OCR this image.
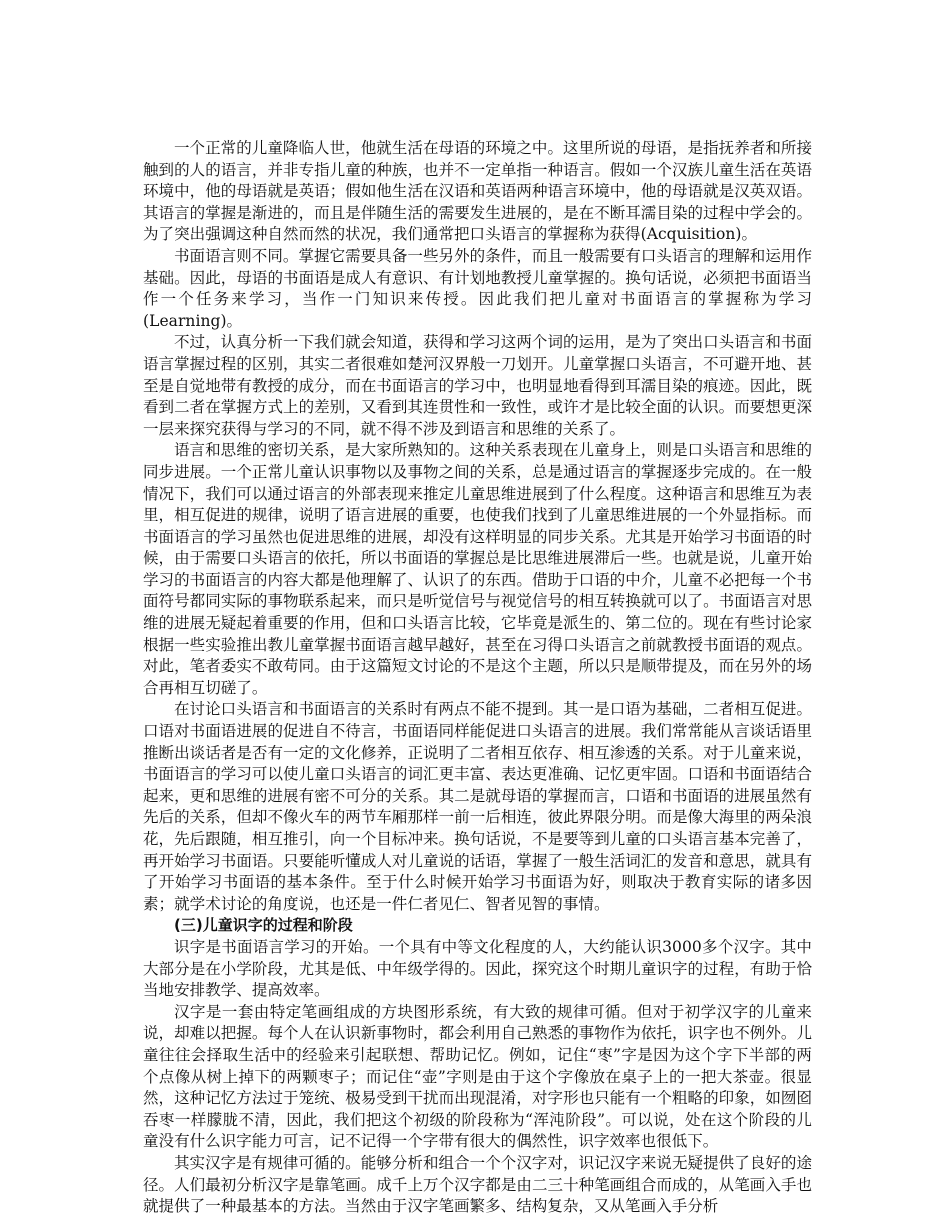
一个正常的儿童降临人世，他就生活在母语的环境之中。这里所说的母语，是指抚养者和所接触到的人的语言，并非专指儿童的种族，也并不一定单指一种语言。假如一个汉族儿童生活在英语环境中，他的母语就是英语；假如他生活在汉语和英语两种语言环境中，他的母语就是汉英双语。其语言的掌握是渐进的，而且是伴随生活的需要发生进展的，是在不断耳濡目染的过程中学会的。为了突出强调这种自然而然的状况，我们通常把口头语言的掌握称为获得(Acquisition)。

书面语言则不同。掌握它需要具备一些另外的条件，而且一般需要有口头语言的理解和运用作基础。因此，母语的书面语是成人有意识、有计划地教授儿童掌握的。换句话说，必须把书面语当作一个任务来学习，当作一门知识来传授。因此我们把儿童对书面语言的掌握称为学习(Learning)。

不过，认真分析一下我们就会知道，获得和学习这两个词的运用，是为了突出口头语言和书面语言掌握过程的区别，其实二者很难如楚河汉界般一刀划开。儿童掌握口头语言，不可避开地、甚至是自觉地带有教授的成分，而在书面语言的学习中，也明显地看得到耳濡目染的痕迹。因此，既看到二者在掌握方式上的差别，又看到其连贯性和一致性，或许才是比较全面的认识。而要想更深一层来探究获得与学习的不同，就不得不涉及到语言和思维的关系了。

语言和思维的密切关系，是大家所熟知的。这种关系表现在儿童身上，则是口头语言和思维的同步进展。一个正常儿童认识事物以及事物之间的关系，总是通过语言的掌握逐步完成的。在一般情况下，我们可以通过语言的外部表现来推定儿童思维进展到了什么程度。这种语言和思维互为表里，相互促进的规律，说明了语言进展的重要，也使我们找到了儿童思维进展的一个外显指标。而书面语言的学习虽然也促进思维的进展，却没有这样明显的同步关系。尤其是开始学习书面语的时候，由于需要口头语言的依托，所以书面语的掌握总是比思维进展滞后一些。也就是说，儿童开始学习的书面语言的内容大都是他理解了、认识了的东西。借助于口语的中介，儿童不必把每一个书面符号都同实际的事物联系起来，而只是听觉信号与视觉信号的相互转换就可以了。书面语言对思维的进展无疑起着重要的作用，但和口头语言比较，它毕竟是派生的、第二位的。现在有些讨论家根据一些实验推出教儿童掌握书面语言越早越好，甚至在习得口头语言之前就教授书面语的观点。对此，笔者委实不敢苟同。由于这篇短文讨论的不是这个主题，所以只是顺带提及，而在另外的场合再相互切磋了。

在讨论口头语言和书面语言的关系时有两点不能不提到。其一是口语为基础，二者相互促进。口语对书面语进展的促进自不待言，书面语同样能促进口头语言的进展。我们常常能从言谈话语里推断出谈话者是否有一定的文化修养，正说明了二者相互依存、相互渗透的关系。对于儿童来说，书面语言的学习可以使儿童口头语言的词汇更丰富、表达更准确、记忆更牢固。口语和书面语结合起来，更和思维的进展有密不可分的关系。其二是就母语的掌握而言，口语和书面语的进展虽然有先后的关系，但却不像火车的两节车厢那样一前一后相连，彼此界限分明。而是像大海里的两朵浪花，先后跟随，相互推引，向一个目标冲来。换句话说，不是要等到儿童的口头语言基本完善了，再开始学习书面语。只要能听懂成人对儿童说的话语，掌握了一般生活词汇的发音和意思，就具有了开始学习书面语的基本条件。至于什么时候开始学习书面语为好，则取决于教育实际的诸多因素；就学术讨论的角度说，也还是一件仁者见仁、智者见智的事情。

(三)儿童识字的过程和阶段

识字是书面语言学习的开始。一个具有中等文化程度的人，大约能认识3000多个汉字。其中大部分是在小学阶段，尤其是低、中年级学得的。因此，探究这个时期儿童识字的过程，有助于恰当地安排教学、提高效率。

汉字是一套由特定笔画组成的方块图形系统，有大致的规律可循。但对于初学汉字的儿童来说，却难以把握。每个人在认识新事物时，都会利用自己熟悉的事物作为依托，识字也不例外。儿童往往会择取生活中的经验来引起联想、帮助记忆。例如，记住“枣”字是因为这个字下半部的两个点像从树上掉下的两颗枣子；而记住“壶”字则是由于这个字像放在桌子上的一把大茶壶。很显然，这种记忆方法过于笼统、极易受到干扰而出现混淆，对字形也只能有一个粗略的印象，如囫囵吞枣一样朦胧不清，因此，我们把这个初级的阶段称为“浑沌阶段”。可以说，处在这个阶段的儿童没有什么识字能力可言，记不记得一个字带有很大的偶然性，识字效率也很低下。

其实汉字是有规律可循的。能够分析和组合一个个汉字对，识记汉字来说无疑提供了良好的途径。人们最初分析汉字是靠笔画。成千上万个汉字都是由二三十种笔画组合而成的，从笔画入手也就提供了一种最基本的方法。当然由于汉字笔画繁多、结构复杂，又从笔画入手分析
